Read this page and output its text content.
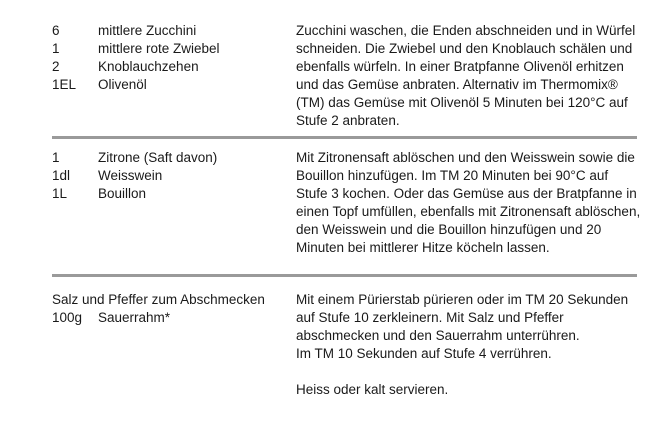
6	mittlere Zucchini
1	mittlere rote Zwiebel
2	Knoblauchzehen
1EL	Olivenöl

Zucchini waschen, die Enden abschneiden und in Würfel schneiden. Die Zwiebel und den Knoblauch schälen und ebenfalls würfeln. In einer Bratpfanne Olivenöl erhitzen und das Gemüse anbraten. Alternativ im Thermomix® (TM) das Gemüse mit Olivenöl 5 Minuten bei 120°C auf Stufe 2 anbraten.

1	Zitrone (Saft davon)
1dl	Weisswein
1L	Bouillon

Mit Zitronensaft ablöschen und den Weisswein sowie die Bouillon hinzufügen. Im TM 20 Minuten bei 90°C auf Stufe 3 kochen. Oder das Gemüse aus der Bratpfanne in einen Topf umfüllen, ebenfalls mit Zitronensaft ablöschen, den Weisswein und die Bouillon hinzufügen und 20 Minuten bei mittlerer Hitze köcheln lassen.

Salz und Pfeffer zum Abschmecken
100g	Sauerrahm*

Mit einem Pürierstab pürieren oder im TM 20 Sekunden auf Stufe 10 zerkleinern. Mit Salz und Pfeffer abschmecken und den Sauerrahm unterrühren.
Im TM 10 Sekunden auf Stufe 4 verrühren.

Heiss oder kalt servieren.
